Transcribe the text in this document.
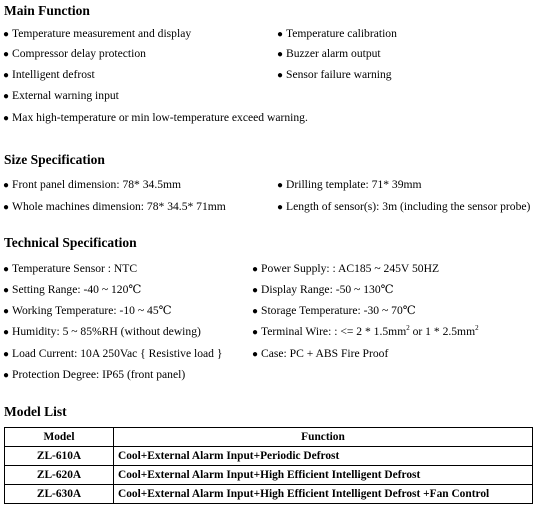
Main Function
● Temperature measurement and display	● Temperature calibration
● Compressor delay protection	● Buzzer alarm output
● Intelligent defrost	● Sensor failure warning
● External warning input
● Max high-temperature or min low-temperature exceed warning.
Size Specification
● Front panel dimension: 78* 34.5mm	● Drilling template: 71* 39mm
● Whole machines dimension: 78* 34.5* 71mm	● Length of sensor(s): 3m (including the sensor probe)
Technical Specification
● Temperature Sensor : NTC	● Power Supply: : AC185 ~ 245V 50HZ
● Setting Range: -40 ~ 120℃	● Display Range: -50 ~ 130℃
● Working Temperature: -10 ~ 45℃	● Storage Temperature: -30 ~ 70℃
● Humidity: 5 ~ 85%RH (without dewing)	● Terminal Wire: : <= $2 * 1.5mm^2$ or $1 * 2.5mm^2$
● Load Current: 10A 250Vac { Resistive load }	● Case: PC + ABS Fire Proof
● Protection Degree: IP65 (front panel)
Model List
Model	Function
ZL-610A	Cool+External Alarm Input+Periodic Defrost
ZL-620A	Cool+External Alarm Input+High Efficient Intelligent Defrost
ZL-630A	Cool+External Alarm Input+High Efficient Intelligent Defrost +Fan Control
